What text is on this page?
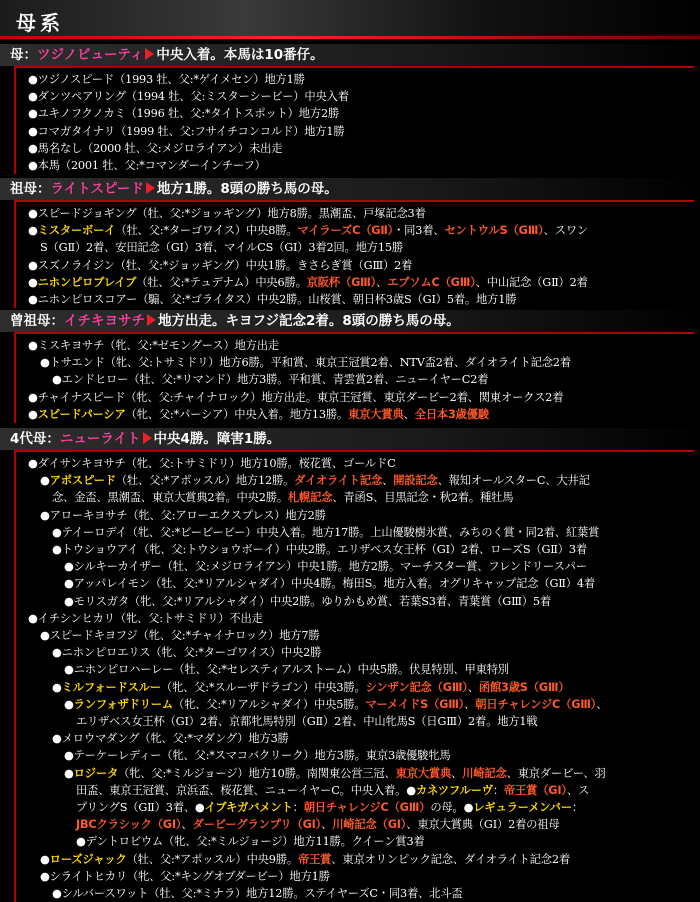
母系
母：ツジノビューティ 中央入着。本馬は10番仔。
●ツジノスピード（1993 牡、父:*ゲイメセン）地方1勝
●ダンツペアリング（1994 牡、父:ミスターシービー）中央入着
●ユキノフクノカミ（1996 牡、父:*タイトスポット）地方2勝
●コマガタイナリ（1999 牡、父:フサイチコンコルド）地方1勝
●馬名なし（2000 牡、父:メジロライアン）未出走
●本馬（2001 牡、父:*コマンダーインチーフ）
祖母：ライトスピード 地方1勝。8頭の勝ち馬の母。
●スピードジョギング（牡、父:*ジョッギング）地方8勝。黒潮盃、戸塚記念3着
●ミスターボーイ（牡、父:*ターゴワイス）中央8勝。マイラーズC（GⅡ）・同3着、セントウルS（GⅢ）、スワン
S（GⅡ）2着、安田記念（GⅠ）3着、マイルCS（GⅠ）3着2回。地方15勝
●スズノライジン（牡、父:*ジョッギング）中央1勝。きさらぎ賞（GⅢ）2着
●ニホンピロブレイブ（牡、父:*テュデナム）中央6勝。京阪杯（GⅢ）、エプソムC（GⅢ）、中山記念（GⅡ）2着
●ニホンピロスコアー（騸、父:*ゴライタス）中央2勝。山桜賞、朝日杯3歳S（GⅠ）5着。地方1勝
曾祖母：イチキヨサチ 地方出走。キヨフジ記念2着。8頭の勝ち馬の母。
●ミスキヨサチ（牝、父:*ゼモングース）地方出走
●トサエンド（牝、父:トサミドリ）地方6勝。平和賞、東京王冠賞2着、NTV盃2着、ダイオライト記念2着
●エンドヒロー（牡、父:*リマンド）地方3勝。平和賞、青雲賞2着、ニューイヤーC2着
●チャイナスピード（牝、父:チャイナロック）地方出走。東京王冠賞、東京ダービー2着、関東オークス2着
●スピードパーシア（牝、父:*パーシア）中央入着。地方13勝。東京大賞典、全日本3歳優駿
4代母：ニューライト 中央4勝。障害1勝。
●ダイサンキヨサチ（牝、父:トサミドリ）地方10勝。桜花賞、ゴールドC
●アポスピード（牡、父:*アポッスル）地方12勝。ダイオライト記念、開設記念、報知オールスターC、大井記
念、金盃、黒潮盃、東京大賞典2着。中央2勝。札幌記念、青函S、目黒記念・秋2着。種牡馬
●アローキヨサチ（牝、父:アローエクスプレス）地方2勝
●テイーロデイ（牝、父:*ビービービー）中央入着。地方17勝。上山優駿樹氷賞、みちのく賞・同2着、紅葉賞
●トウショウアイ（牝、父:トウショウボーイ）中央2勝。エリザベス女王杯（GⅠ）2着、ローズS（GⅡ）3着
●シルキーカイザー（牡、父:メジロライアン）中央1勝。地方2勝。マーチスター賞、フレンドリースパー
●アッパレイモン（牡、父:*リアルシャダイ）中央4勝。梅田S。地方入着。オグリキャップ記念（GⅡ）4着
●モリスガタ（牝、父:*リアルシャダイ）中央2勝。ゆりかもめ賞、若葉S3着、青葉賞（GⅢ）5着
●イチシンヒカリ（牝、父:トサミドリ）不出走
●スピードキヨフジ（牝、父:*チャイナロック）地方7勝
●ニホンピロエリス（牝、父:*ターゴワイス）中央2勝
●ニホンピロハーレー（牡、父:*セレスティアルストーム）中央5勝。伏見特別、甲東特別
●ミルフォードスルー（牝、父:*スルーザドラゴン）中央3勝。シンザン記念（GⅢ）、函館3歳S（GⅢ）
●ランフォザドリーム（牝、父:*リアルシャダイ）中央5勝。マーメイドS（GⅢ）、朝日チャレンジC（GⅢ）、
エリザベス女王杯（GⅠ）2着、京都牝馬特別（GⅡ）2着、中山牝馬S（日GⅢ）2着。地方1戦
●メロウマダング（牝、父:*マダング）地方3勝
●テーケーレディー（牝、父:*スマコバクリーク）地方3勝。東京3歳優駿牝馬
●ロジータ（牝、父:*ミルジョージ）地方10勝。南関東公営三冠、東京大賞典、川崎記念、東京ダービー、羽
田盃、東京王冠賞、京浜盃、桜花賞、ニューイヤーC。中央入着。●カネツフルーヴ：帝王賞（GⅠ）、ス
プリングS（GⅡ）3着、●イブキガバメント：朝日チャレンジC（GⅢ）の母。●レギュラーメンバー：
JBCクラシック（GⅠ）、ダービーグランプリ（GⅠ）、川崎記念（GⅠ）、東京大賞典（GⅠ）2着の祖母
●デントロビウム（牝、父:*ミルジョージ）地方11勝。クイーン賞3着
●ローズジャック（牡、父:*アポッスル）中央9勝。帝王賞、東京オリンピック記念、ダイオライト記念2着
●シライトヒカリ（牝、父:*キングオブダービー）地方1勝
●シルバースワット（牡、父:*ミナラ）地方12勝。ステイヤーズC・同3着、北斗盃
